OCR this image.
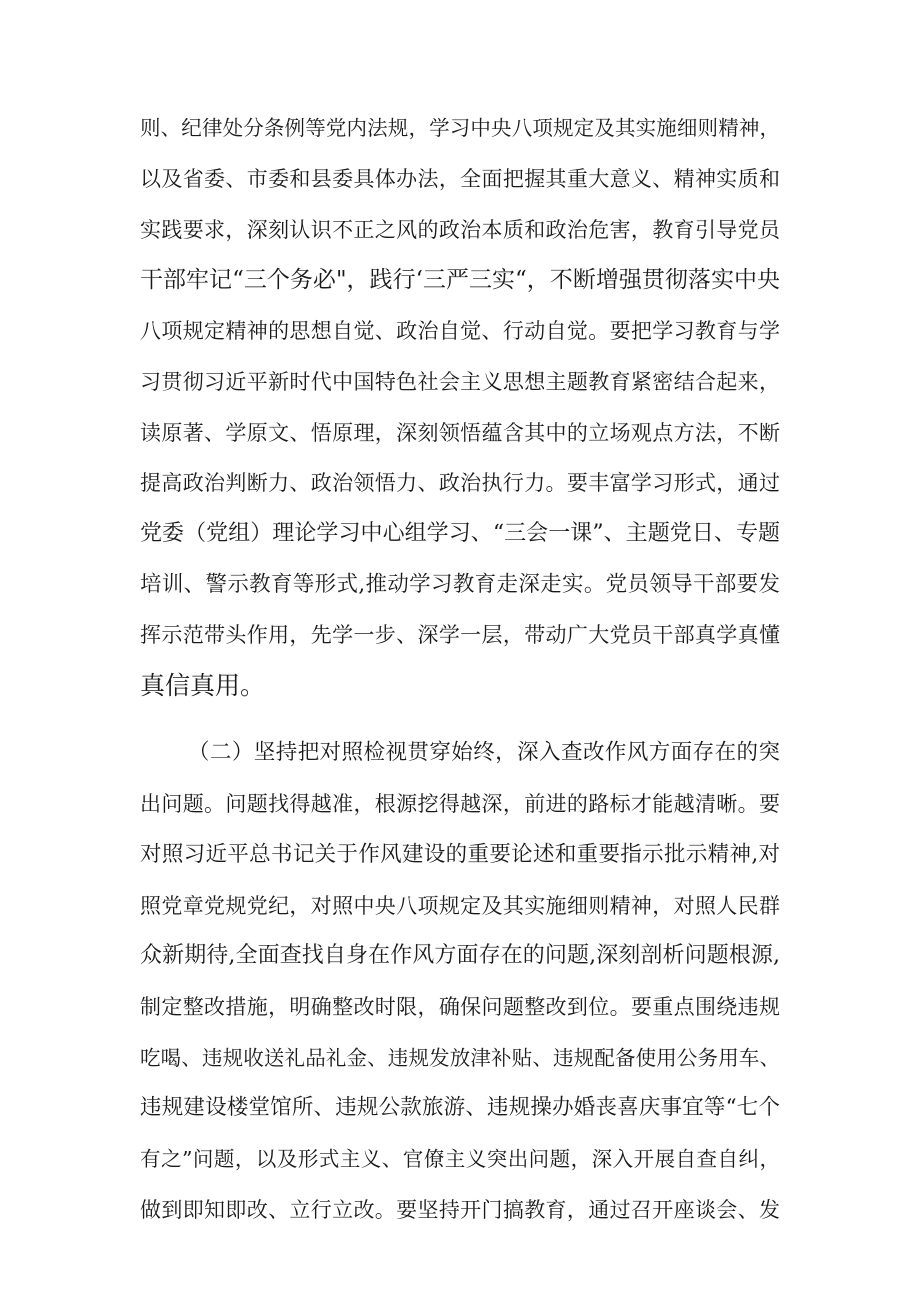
则、纪律处分条例等党内法规，学习中央八项规定及其实施细则精神，
以及省委、市委和县委具体办法，全面把握其重大意义、精神实质和
实践要求，深刻认识不正之风的政治本质和政治危害，教育引导党员
干部牢记“三个务必"，践行‘三严三实“，不断增强贯彻落实中央
八项规定精神的思想自觉、政治自觉、行动自觉。要把学习教育与学
习贯彻习近平新时代中国特色社会主义思想主题教育紧密结合起来，
读原著、学原文、悟原理，深刻领悟蕴含其中的立场观点方法，不断
提高政治判断力、政治领悟力、政治执行力。要丰富学习形式，通过
党委（党组）理论学习中心组学习、“三会一课”、主题党日、专题
培训、警示教育等形式,推动学习教育走深走实。党员领导干部要发
挥示范带头作用，先学一步、深学一层，带动广大党员干部真学真懂
真信真用。
（二）坚持把对照检视贯穿始终，深入查改作风方面存在的突
出问题。问题找得越准，根源挖得越深，前进的路标才能越清晰。要
对照习近平总书记关于作风建设的重要论述和重要指示批示精神,对
照党章党规党纪，对照中央八项规定及其实施细则精神，对照人民群
众新期待,全面查找自身在作风方面存在的问题,深刻剖析问题根源,
制定整改措施，明确整改时限，确保问题整改到位。要重点围绕违规
吃喝、违规收送礼品礼金、违规发放津补贴、违规配备使用公务用车、
违规建设楼堂馆所、违规公款旅游、违规操办婚丧喜庆事宜等“七个
有之”问题，以及形式主义、官僚主义突出问题，深入开展自查自纠，
做到即知即改、立行立改。要坚持开门搞教育，通过召开座谈会、发
